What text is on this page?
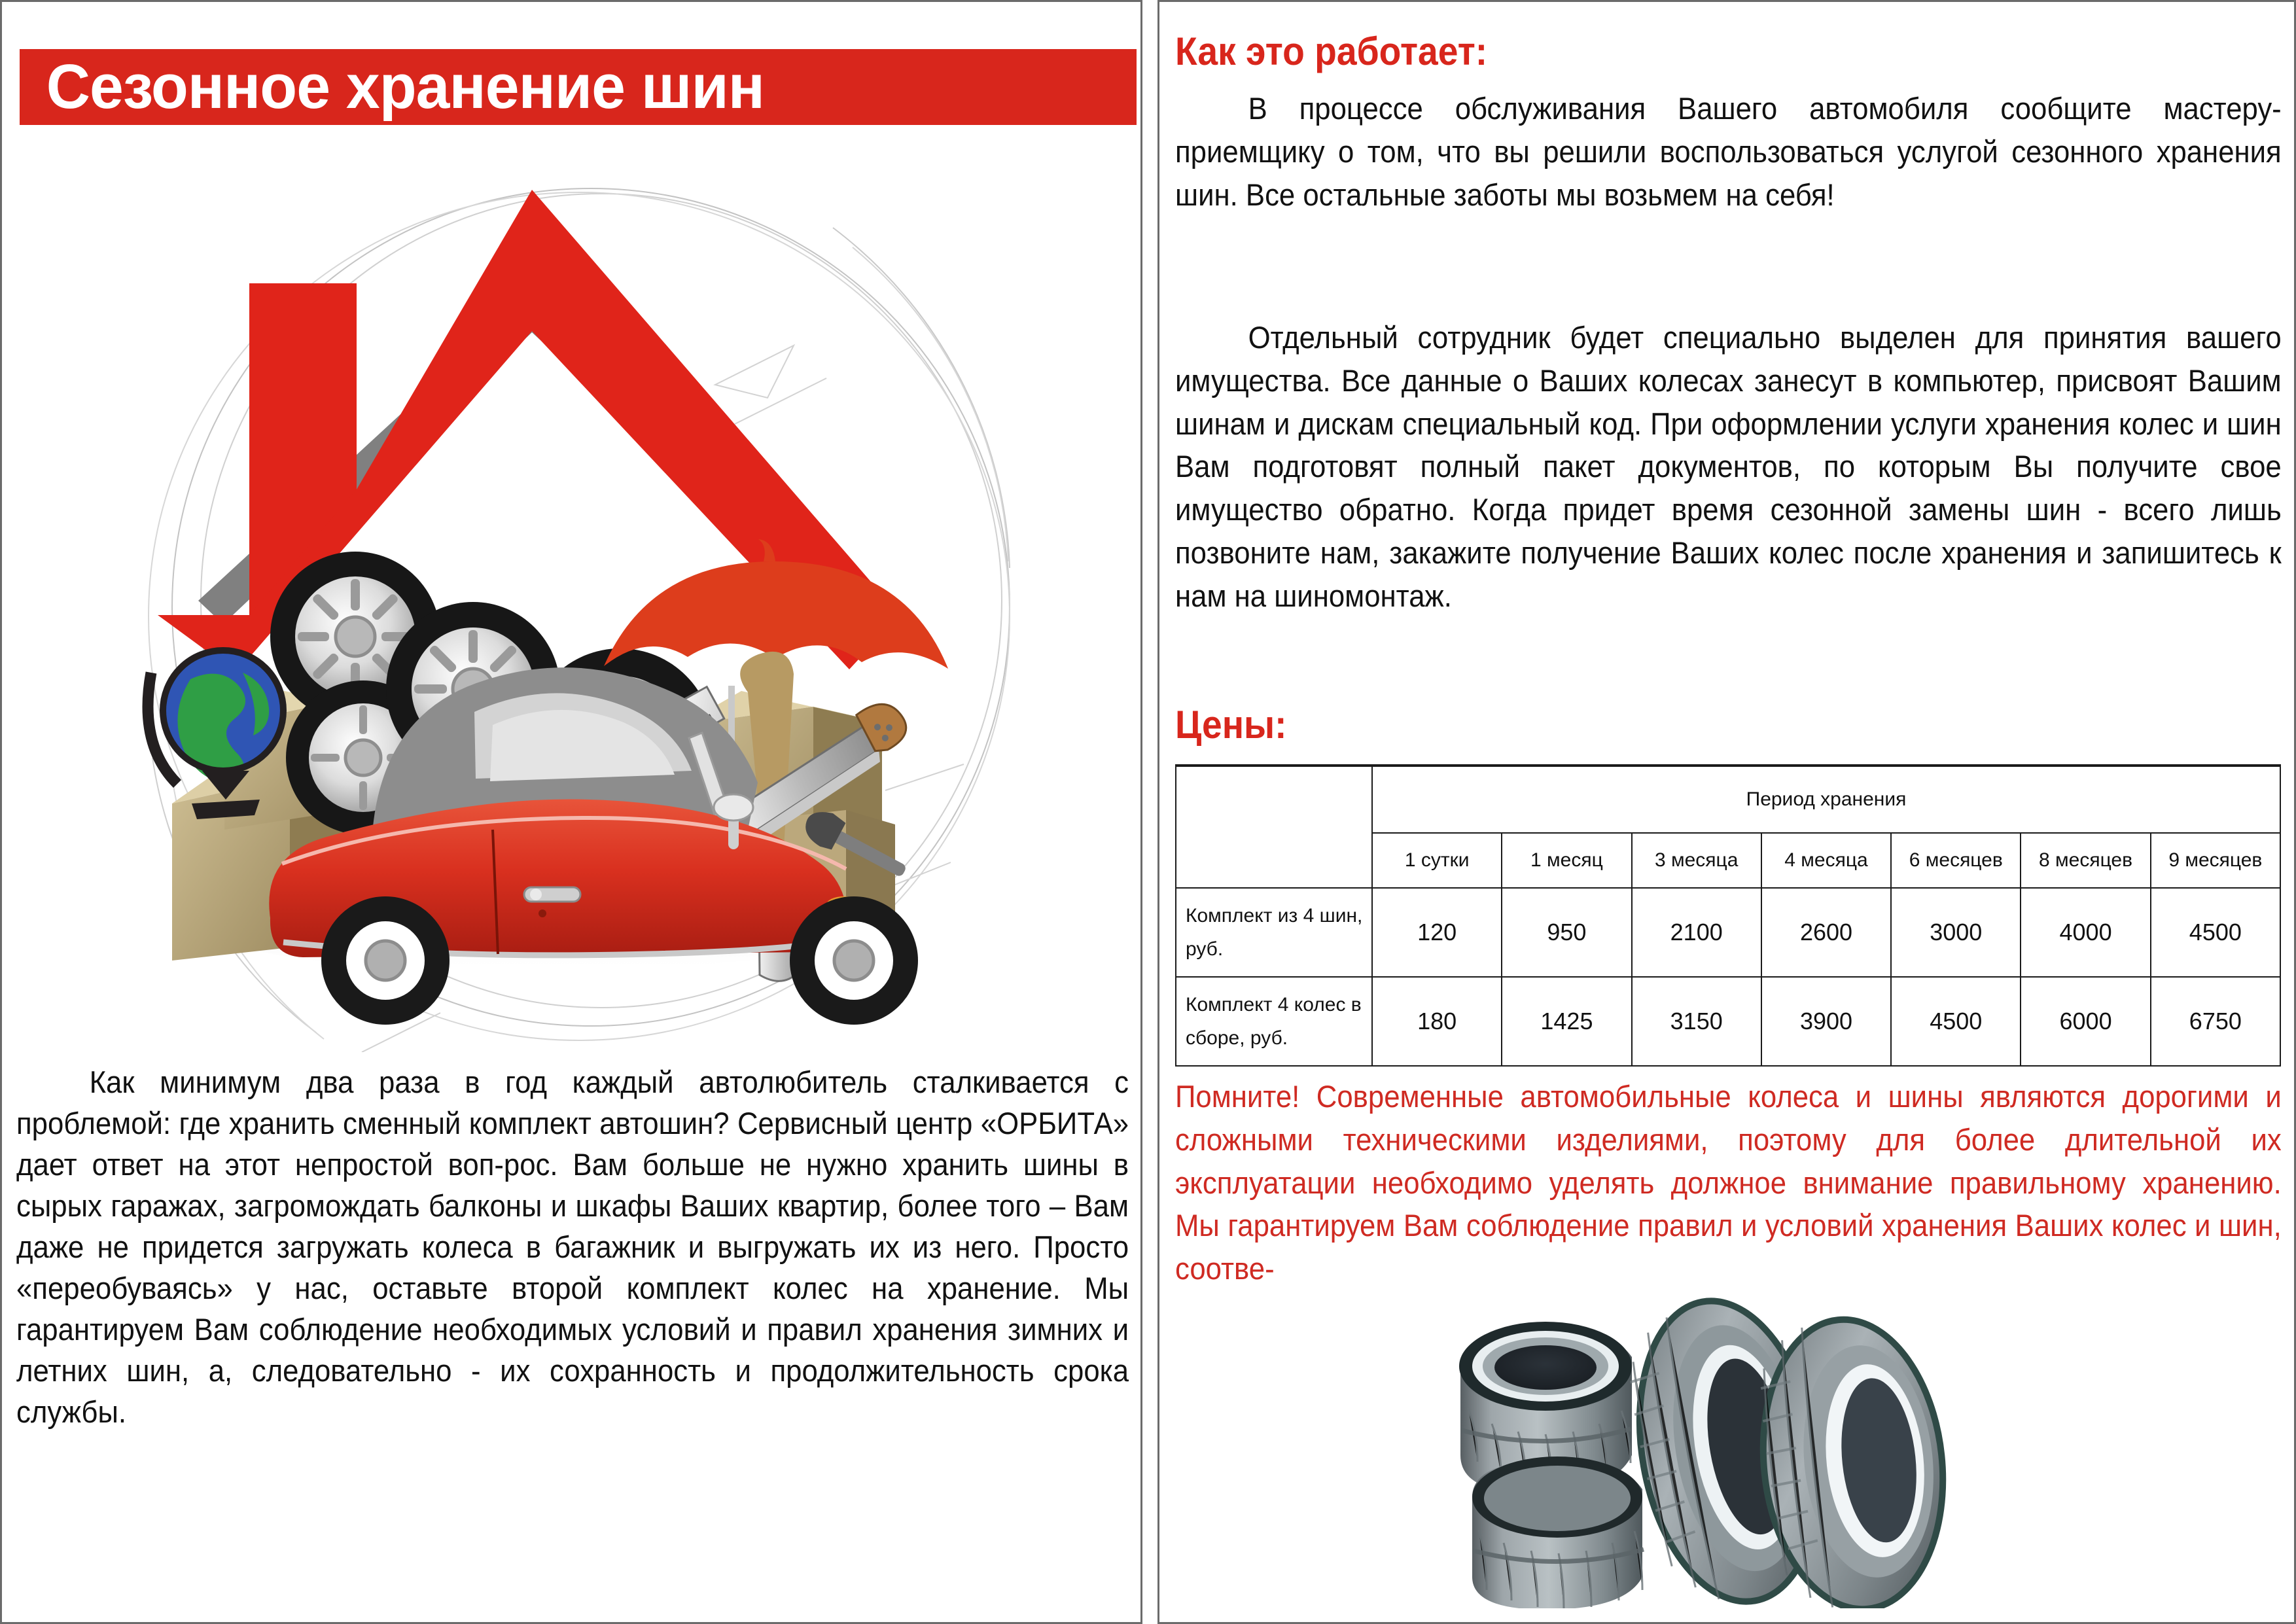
Сезонное хранение шин

Как минимум два раза в год каждый автолюбитель сталкивается с проблемой: где хранить сменный комплект автошин? Сервисный центр «ОРБИТА» дает ответ на этот непростой воп-рос. Вам больше не нужно хранить шины в сырых гаражах, загромождать балконы и шкафы Ваших квартир, более того – Вам даже не придется загружать колеса в багажник и выгружать их из него. Просто «переобуваясь» у нас, оставьте второй комплект колес на хранение. Мы гарантируем Вам соблюдение необходимых условий и правил хранения зимних и летних шин, а, следовательно - их сохранность и продолжительность срока службы.

Как это работает:

В процессе обслуживания Вашего автомобиля сообщите мастеру-приемщику о том, что вы решили воспользоваться услугой сезонного хранения шин. Все остальные заботы мы возьмем на себя!

Отдельный сотрудник будет специально выделен для принятия вашего имущества. Все данные о Ваших колесах занесут в компьютер, присвоят Вашим шинам и дискам специальный код. При оформлении услуги хранения колес и шин Вам подготовят полный пакет документов, по которым Вы получите свое имущество обратно. Когда придет время сезонной замены шин - всего лишь позвоните нам, закажите получение Ваших колес после хранения и запишитесь к нам на шиномонтаж.

Цены:
	Период хранения						
	1 сутки	1 месяц	3 месяца	4 месяца	6 месяцев	8 месяцев	9 месяцев
Комплект из 4 шин, руб.	120	950	2100	2600	3000	4000	4500
Комплект 4 колес в сборе, руб.	180	1425	3150	3900	4500	6000	6750

Помните! Современные автомобильные колеса и шины являются дорогими и сложными техническими изделиями, поэтому для более длительной их эксплуатации необходимо уделять должное внимание правильному хранению. Мы гарантируем Вам соблюдение правил и условий хранения Ваших колес и шин, соотве-
